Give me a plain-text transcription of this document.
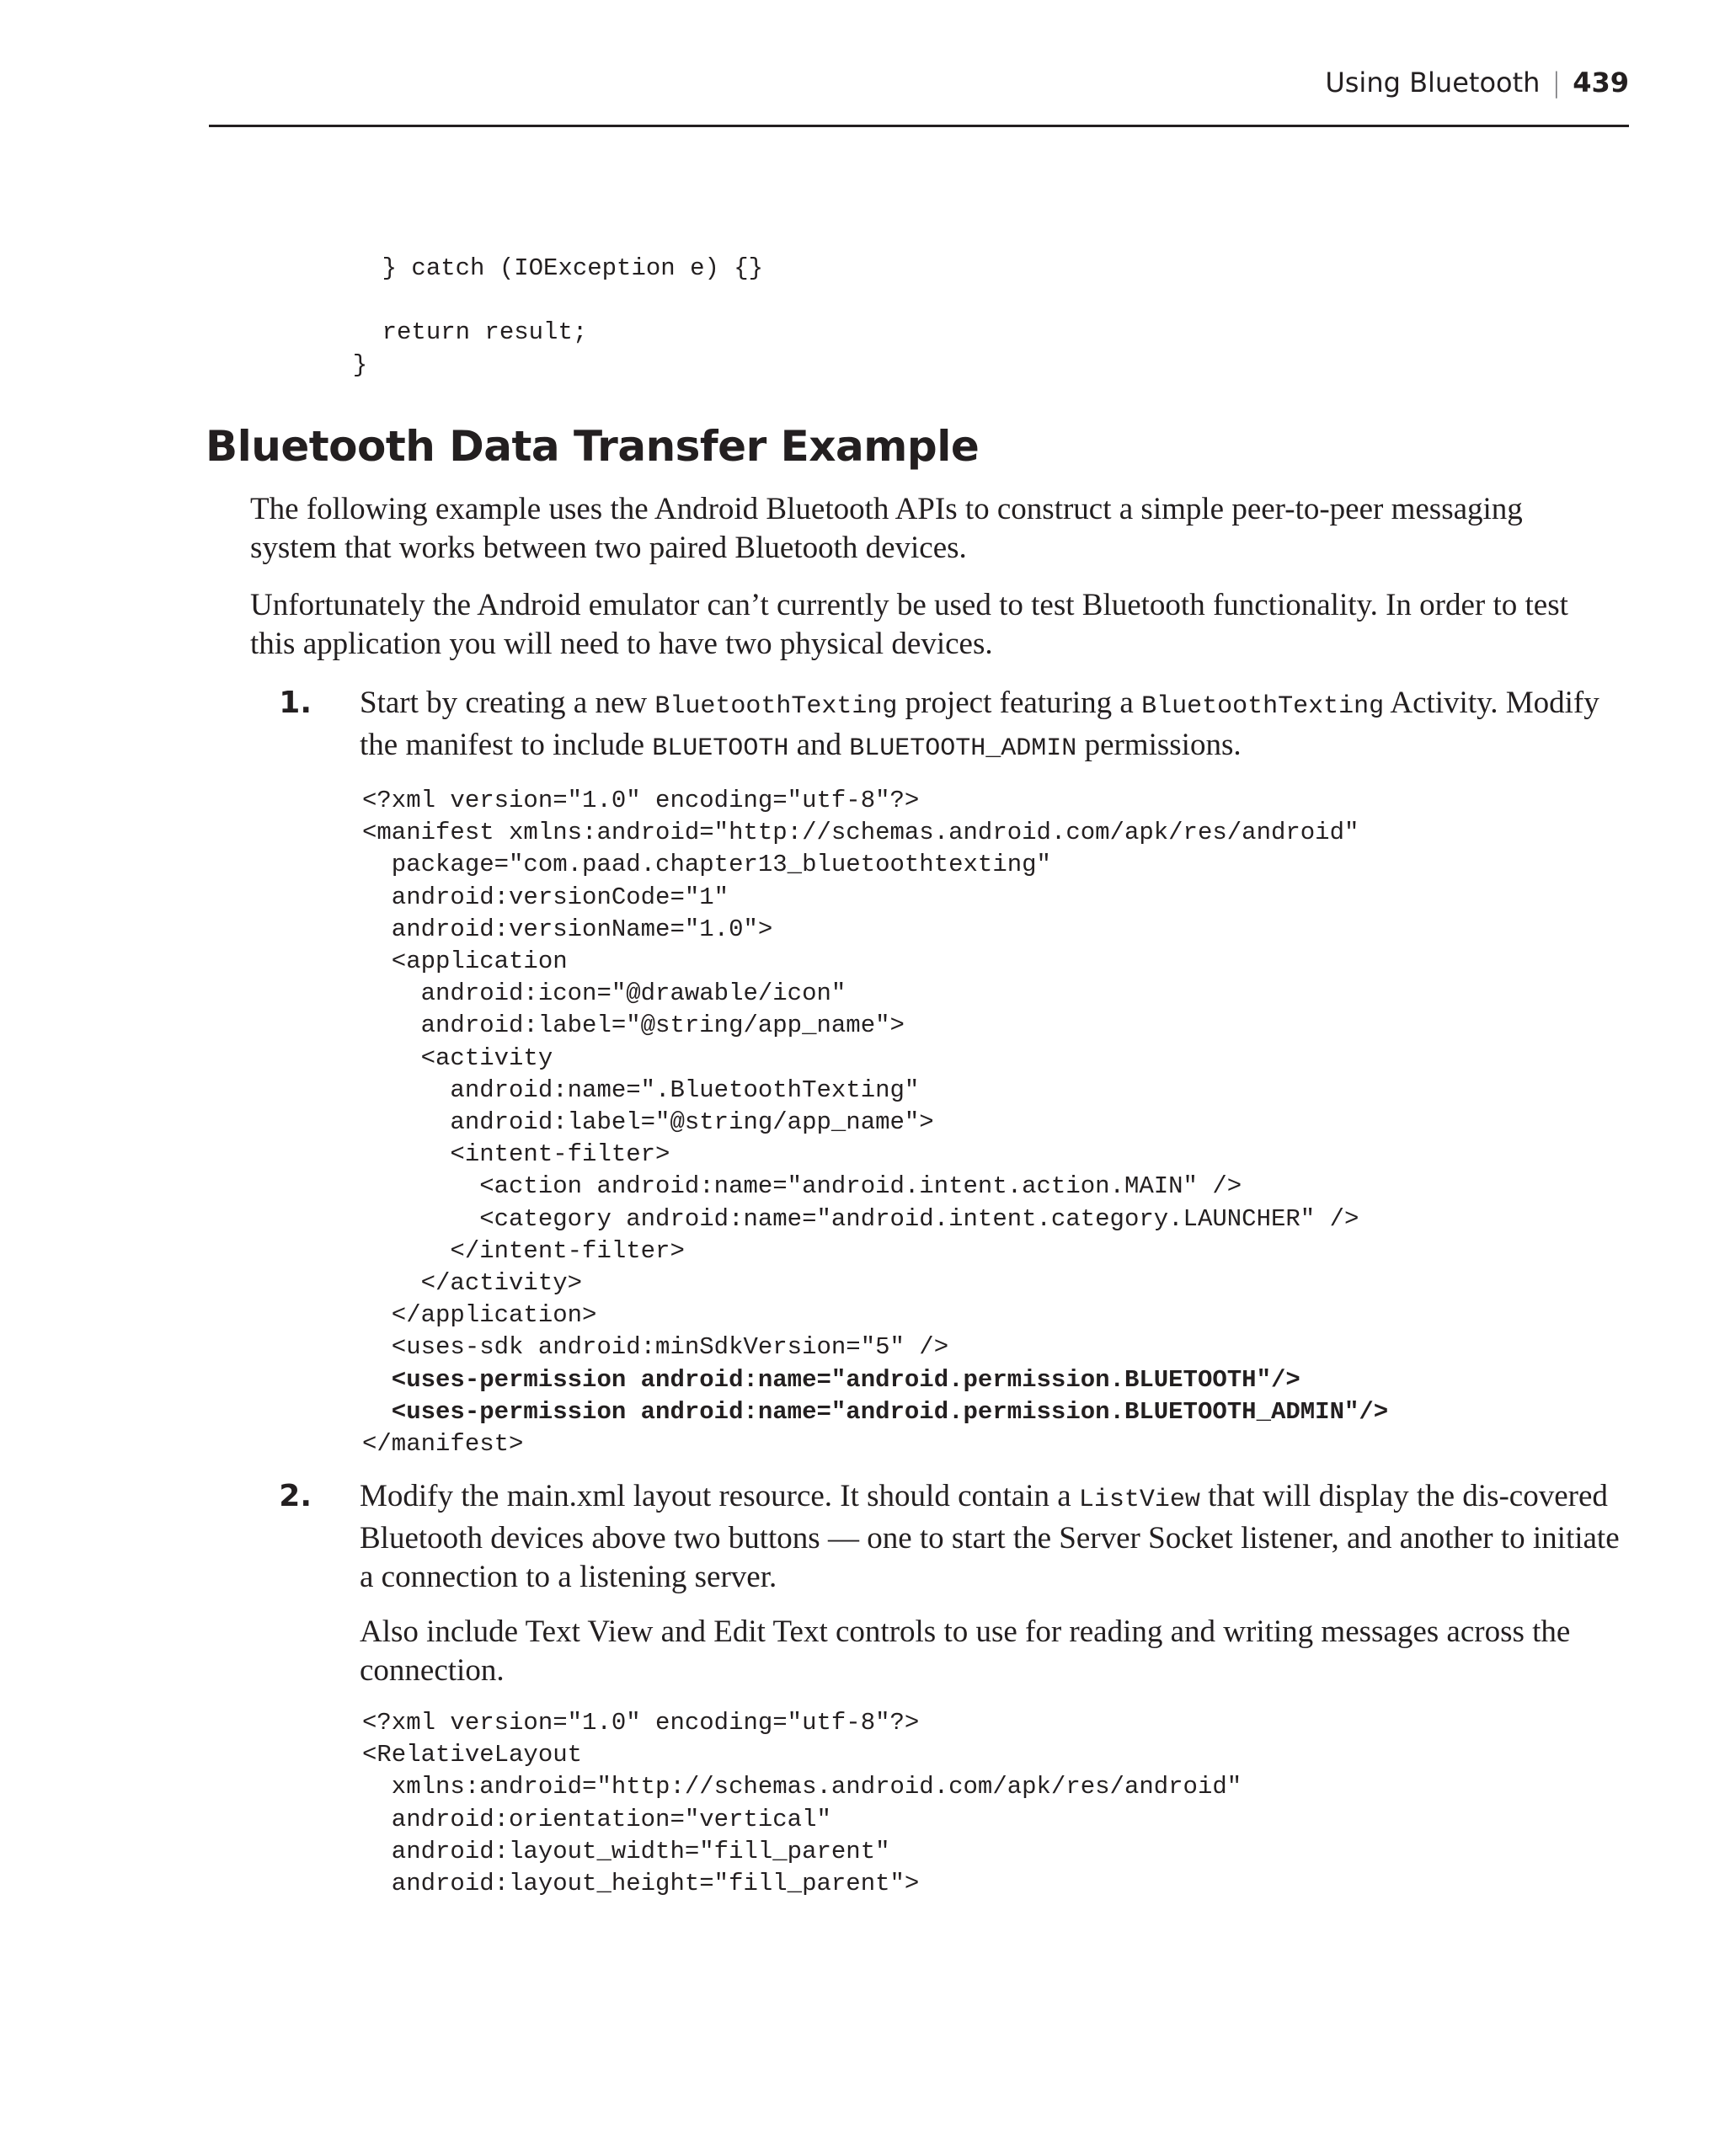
Using Bluetooth | 439
} catch (IOException e) {}

return result;
}
Bluetooth Data Transfer Example

The following example uses the Android Bluetooth APIs to construct a simple peer-to-peer messaging system that works between two paired Bluetooth devices.

Unfortunately the Android emulator can’t currently be used to test Bluetooth functionality. In order to test this application you will need to have two physical devices.

1. Start by creating a new BluetoothTexting project featuring a BluetoothTexting Activity. Modify the manifest to include BLUETOOTH and BLUETOOTH_ADMIN permissions.

<?xml version="1.0" encoding="utf-8"?>
<manifest xmlns:android="http://schemas.android.com/apk/res/android"
package="com.paad.chapter13_bluetoothtexting"
android:versionCode="1"
android:versionName="1.0">
<application
android:icon="@drawable/icon"
android:label="@string/app_name">
<activity
android:name=".BluetoothTexting"
android:label="@string/app_name">
<intent-filter>
<action android:name="android.intent.action.MAIN" />
<category android:name="android.intent.category.LAUNCHER" />
</intent-filter>
</activity>
</application>
<uses-sdk android:minSdkVersion="5" />
<uses-permission android:name="android.permission.BLUETOOTH"/>
<uses-permission android:name="android.permission.BLUETOOTH_ADMIN"/>
</manifest>
2. Modify the main.xml layout resource. It should contain a ListView that will display the dis-covered Bluetooth devices above two buttons — one to start the Server Socket listener, and another to initiate a connection to a listening server.

Also include Text View and Edit Text controls to use for reading and writing messages across the connection.

<?xml version="1.0" encoding="utf-8"?>
<RelativeLayout
xmlns:android="http://schemas.android.com/apk/res/android"
android:orientation="vertical"
android:layout_width="fill_parent"
android:layout_height="fill_parent">
